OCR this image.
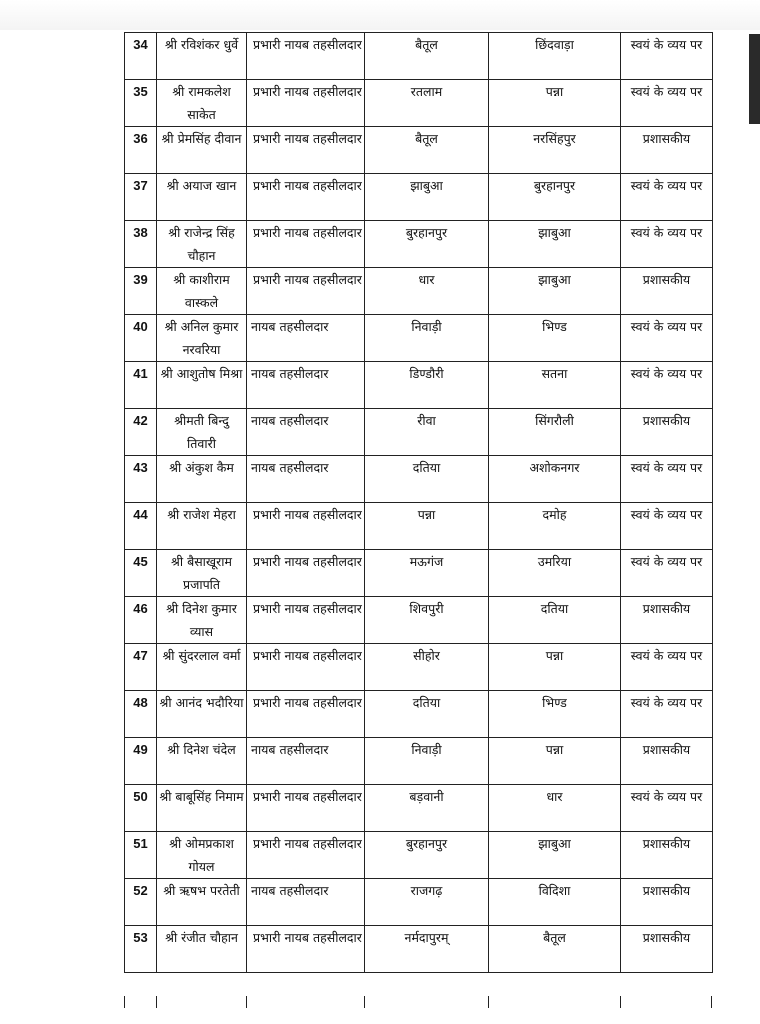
34	श्री रविशंकर धुर्वे	प्रभारी नायब तहसीलदार	बैतूल	छिंदवाड़ा	स्वयं के व्यय पर
35	श्री रामकलेश साकेत	प्रभारी नायब तहसीलदार	रतलाम	पन्ना	स्वयं के व्यय पर
36	श्री प्रेमसिंह दीवान	प्रभारी नायब तहसीलदार	बैतूल	नरसिंहपुर	प्रशासकीय
37	श्री अयाज खान	प्रभारी नायब तहसीलदार	झाबुआ	बुरहानपुर	स्वयं के व्यय पर
38	श्री राजेन्द्र सिंह चौहान	प्रभारी नायब तहसीलदार	बुरहानपुर	झाबुआ	स्वयं के व्यय पर
39	श्री काशीराम वास्कले	प्रभारी नायब तहसीलदार	धार	झाबुआ	प्रशासकीय
40	श्री अनिल कुमार नरवरिया	नायब तहसीलदार	निवाड़ी	भिण्ड	स्वयं के व्यय पर
41	श्री आशुतोष मिश्रा	नायब तहसीलदार	डिण्डौरी	सतना	स्वयं के व्यय पर
42	श्रीमती बिन्दु तिवारी	नायब तहसीलदार	रीवा	सिंगरौली	प्रशासकीय
43	श्री अंकुश कैम	नायब तहसीलदार	दतिया	अशोकनगर	स्वयं के व्यय पर
44	श्री राजेश मेहरा	प्रभारी नायब तहसीलदार	पन्ना	दमोह	स्वयं के व्यय पर
45	श्री बैसाखूराम प्रजापति	प्रभारी नायब तहसीलदार	मऊगंज	उमरिया	स्वयं के व्यय पर
46	श्री दिनेश कुमार व्यास	प्रभारी नायब तहसीलदार	शिवपुरी	दतिया	प्रशासकीय
47	श्री सुंदरलाल वर्मा	प्रभारी नायब तहसीलदार	सीहोर	पन्ना	स्वयं के व्यय पर
48	श्री आनंद भदौरिया	प्रभारी नायब तहसीलदार	दतिया	भिण्ड	स्वयं के व्यय पर
49	श्री दिनेश चंदेल	नायब तहसीलदार	निवाड़ी	पन्ना	प्रशासकीय
50	श्री बाबूसिंह निमाम	प्रभारी नायब तहसीलदार	बड़वानी	धार	स्वयं के व्यय पर
51	श्री ओमप्रकाश गोयल	प्रभारी नायब तहसीलदार	बुरहानपुर	झाबुआ	प्रशासकीय
52	श्री ऋषभ परतेती	नायब तहसीलदार	राजगढ़	विदिशा	प्रशासकीय
53	श्री रंजीत चौहान	प्रभारी नायब तहसीलदार	नर्मदापुरम्	बैतूल	प्रशासकीय
